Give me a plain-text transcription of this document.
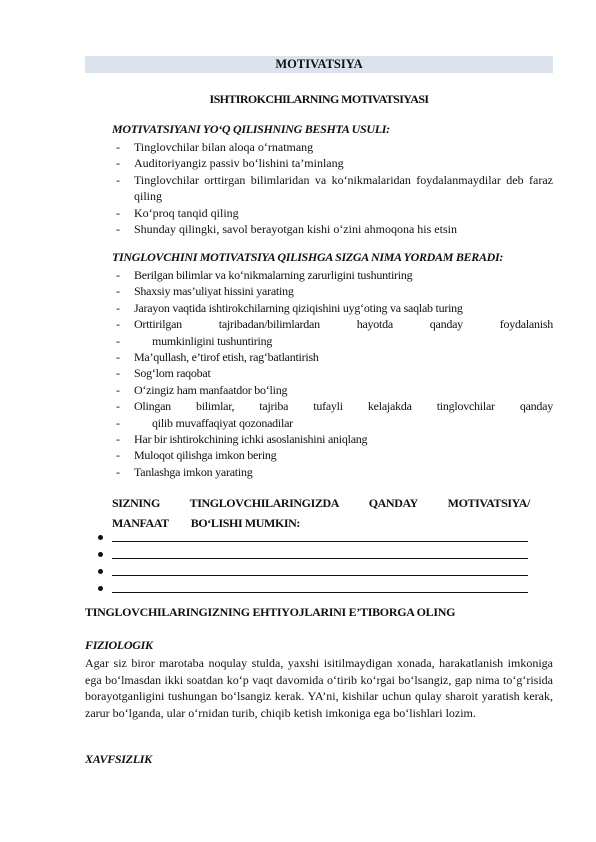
MOTIVATSIYA
ISHTIROKCHILARNING MOTIVATSIYASI
MOTIVATSIYANI YO‘Q QILISHNING BESHTA USULI:
- Tinglovchilar bilan aloqa o‘rnatmang
- Auditoriyangiz passiv bo‘lishini ta’minlang
- Tinglovchilar orttirgan bilimlaridan va ko‘nikmalaridan foydalanmaydilar deb faraz qiling
- Ko‘proq tanqid qiling
- Shunday qilingki, savol berayotgan kishi o‘zini ahmoqona his etsin
TINGLOVCHINI MOTIVATSIYA QILISHGA SIZGA NIMA YORDAM BERADI:
- Berilgan bilimlar va ko‘nikmalarning zarurligini tushuntiring
- Shaxsiy mas’uliyat hissini yarating
- Jarayon vaqtida ishtirokchilarning qiziqishini uyg‘oting va saqlab turing
- Orttirilgan tajribadan/bilimlardan hayotda qanday foydalanish
- mumkinligini tushuntiring
- Ma’qullash, e’tirof etish, rag‘batlantirish
- Sog‘lom raqobat
- O‘zingiz ham manfaatdor bo‘ling
- Olingan bilimlar, tajriba tufayli kelajakda tinglovchilar qanday
- qilib muvaffaqiyat qozonadilar
- Har bir ishtirokchining ichki asoslanishini aniqlang
- Muloqot qilishga imkon bering
- Tanlashga imkon yarating
SIZNING TINGLOVCHILARINGIZDA QANDAY MOTIVATSIYA/
MANFAAT BO‘LISHI MUMKIN:
TINGLOVCHILARINGIZNING EHTIYOJLARINI E’TIBORGA OLING
FIZIOLOGIK
Agar siz biror marotaba noqulay stulda, yaxshi isitilmaydigan xonada, harakatlanish imkoniga ega bo‘lmasdan ikki soatdan ko‘p vaqt davomida o‘tirib ko‘rgai bo‘lsangiz, gap nima to‘g‘risida borayotganligini tushungan bo‘lsangiz kerak. YA’ni, kishilar uchun qulay sharoit yaratish kerak, zarur bo‘lganda, ular o‘rnidan turib, chiqib ketish imkoniga ega bo‘lishlari lozim.
XAVFSIZLIK
